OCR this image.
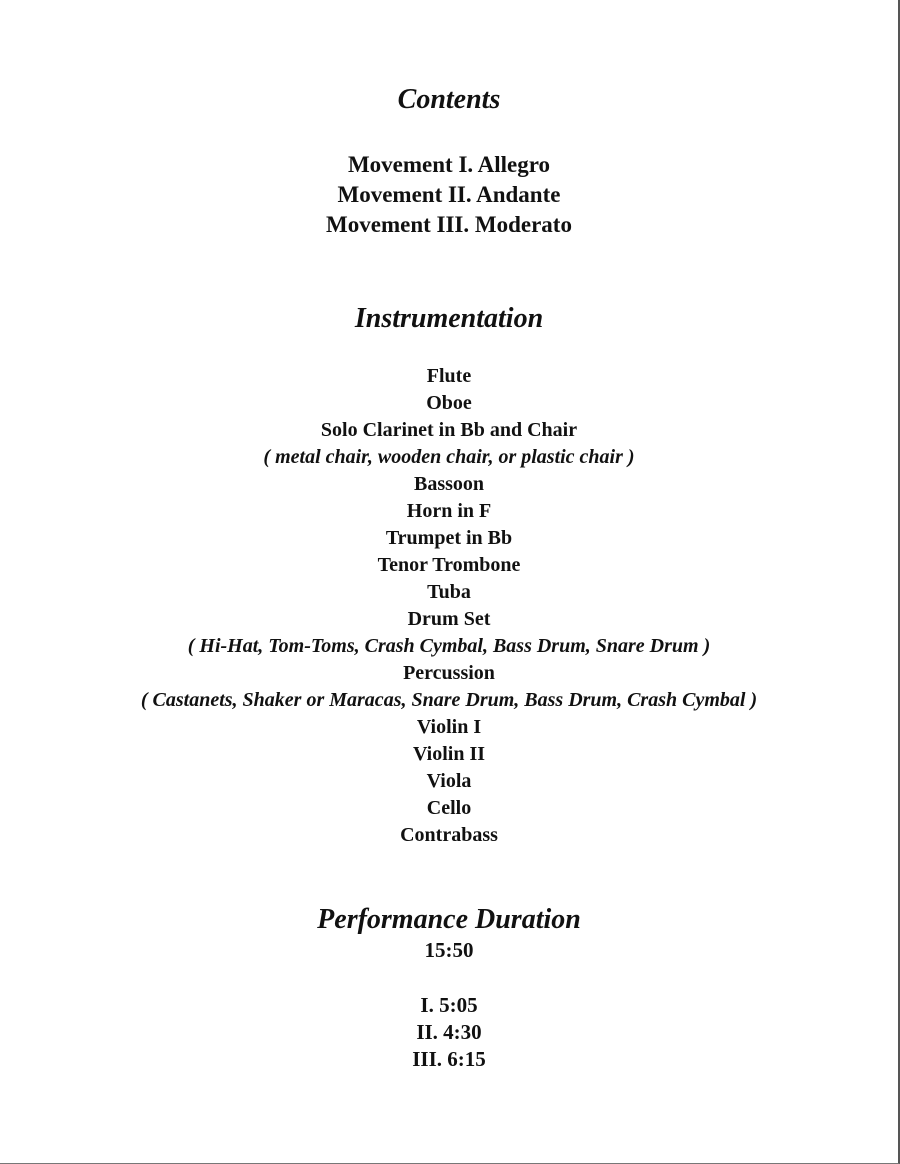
Contents
Movement I. Allegro
Movement II. Andante
Movement III. Moderato
Instrumentation
Flute
Oboe
Solo Clarinet in Bb and Chair
( metal chair, wooden chair, or plastic chair )
Bassoon
Horn in F
Trumpet in Bb
Tenor Trombone
Tuba
Drum Set
( Hi-Hat, Tom-Toms, Crash Cymbal, Bass Drum, Snare Drum )
Percussion
( Castanets, Shaker or Maracas, Snare Drum, Bass Drum, Crash Cymbal )
Violin I
Violin II
Viola
Cello
Contrabass
Performance Duration
15:50
I. 5:05
II. 4:30
III. 6:15
